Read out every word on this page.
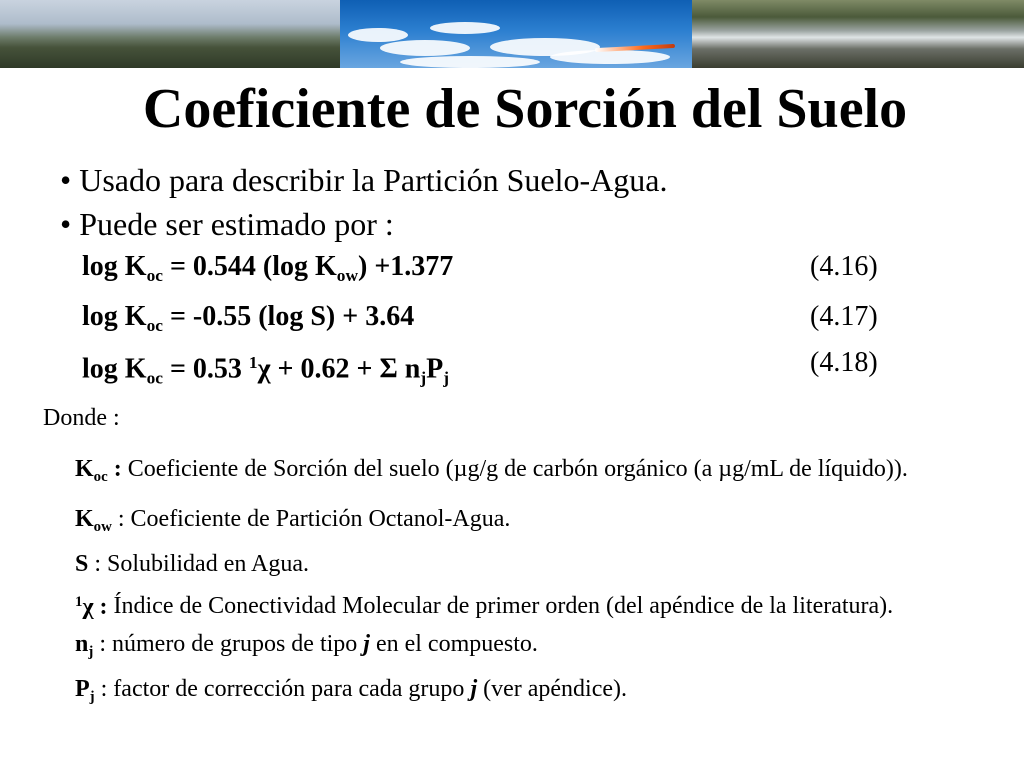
Coeficiente de Sorción del Suelo
• Usado para describir la Partición Suelo-Agua.
• Puede ser estimado por :
$\log K_{oc} = 0.544$ (log $K_{ow}) +1.377$	(4.16)
$\log K_{oc} = -0.55$ (log S) + 3.64	(4.17)
$\log K_{oc} = 0.53$ $^1$χ + 0.62 + Σ $n_jP_j$
(4.18)
Donde :
$K_{oc}$ : Coeficiente de Sorción del suelo (µg/g de carbón orgánico (a µg/mL de líquido)).
$K_{ow}$ : Coeficiente de Partición Octanol-Agua.
S : Solubilidad en Agua.
$^1$χ : Índice de Conectividad Molecular de primer orden (del apéndice de la literatura).
$n_j$ : número de grupos de tipo j en el compuesto.
$P_j$ : factor de corrección para cada grupo j (ver apéndice).
